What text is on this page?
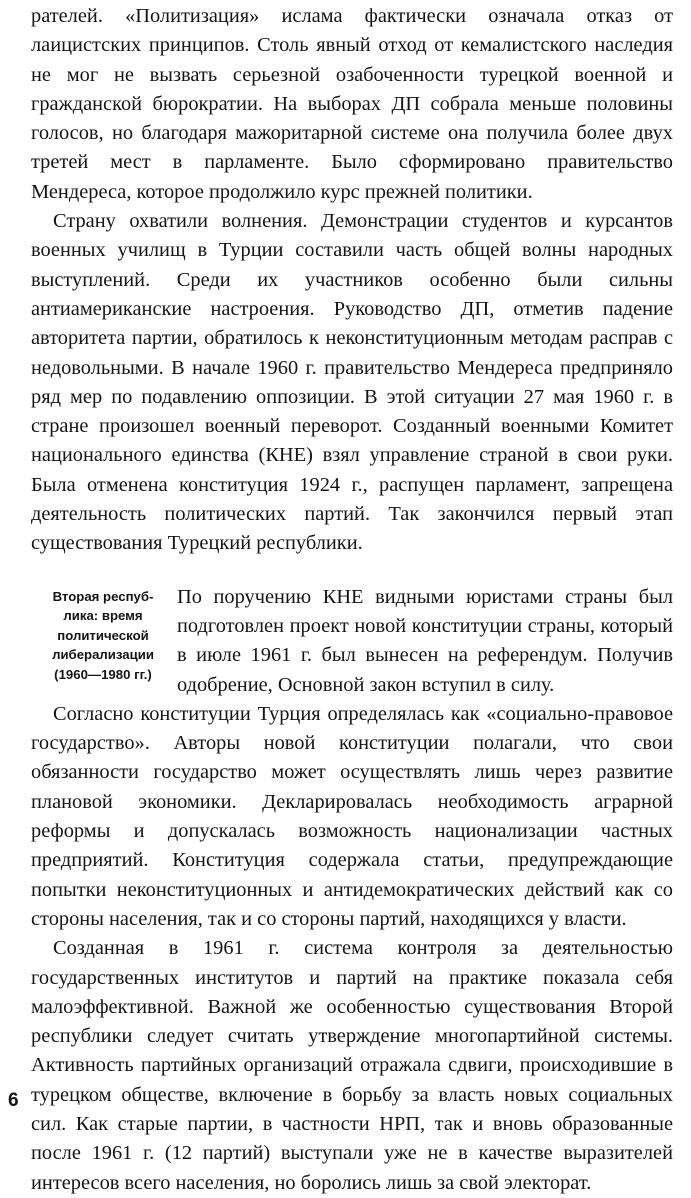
рателей. «Политизация» ислама фактически означала отказ от лаицистских принципов. Столь явный отход от кемалистского наследия не мог не вызвать серьезной озабоченности турецкой военной и гражданской бюрократии. На выборах ДП собрала меньше половины голосов, но благодаря мажоритарной системе она получила более двух третей мест в парламенте. Было сформировано правительство Мендереса, которое продолжило курс прежней политики.

Страну охватили волнения. Демонстрации студентов и курсантов военных училищ в Турции составили часть общей волны народных выступлений. Среди их участников особенно были сильны антиамериканские настроения. Руководство ДП, отметив падение авторитета партии, обратилось к неконституционным методам расправ с недовольными. В начале 1960 г. правительство Мендереса предприняло ряд мер по подавлению оппозиции. В этой ситуации 27 мая 1960 г. в стране произошел военный переворот. Созданный военными Комитет национального единства (КНЕ) взял управление страной в свои руки. Была отменена конституция 1924 г., распущен парламент, запрещена деятельность политических партий. Так закончился первый этап существования Турецкий республики.

Вторая респуб-
лика: время
политической
либерализации
(1960—1980 гг.)

По поручению КНЕ видными юристами страны был подготовлен проект новой конституции страны, который в июле 1961 г. был вынесен на референдум. Получив одобрение, Основной закон вступил в силу.

Согласно конституции Турция определялась как «социально-правовое государство». Авторы новой конституции полагали, что свои обязанности государство может осуществлять лишь через развитие плановой экономики. Декларировалась необходимость аграрной реформы и допускалась возможность национализации частных предприятий. Конституция содержала статьи, предупреждающие попытки неконституционных и антидемократических действий как со стороны населения, так и со стороны партий, находящихся у власти.

Созданная в 1961 г. система контроля за деятельностью государственных институтов и партий на практике показала себя малоэффективной. Важной же особенностью существования Второй республики следует считать утверждение многопартийной системы. Активность партийных организаций отражала сдвиги, происходившие в турецком обществе, включение в борьбу за власть новых социальных сил. Как старые партии, в частности НРП, так и вновь образованные после 1961 г. (12 партий) выступали уже не в качестве выразителей интересов всего населения, но боролись лишь за свой электорат.

6
